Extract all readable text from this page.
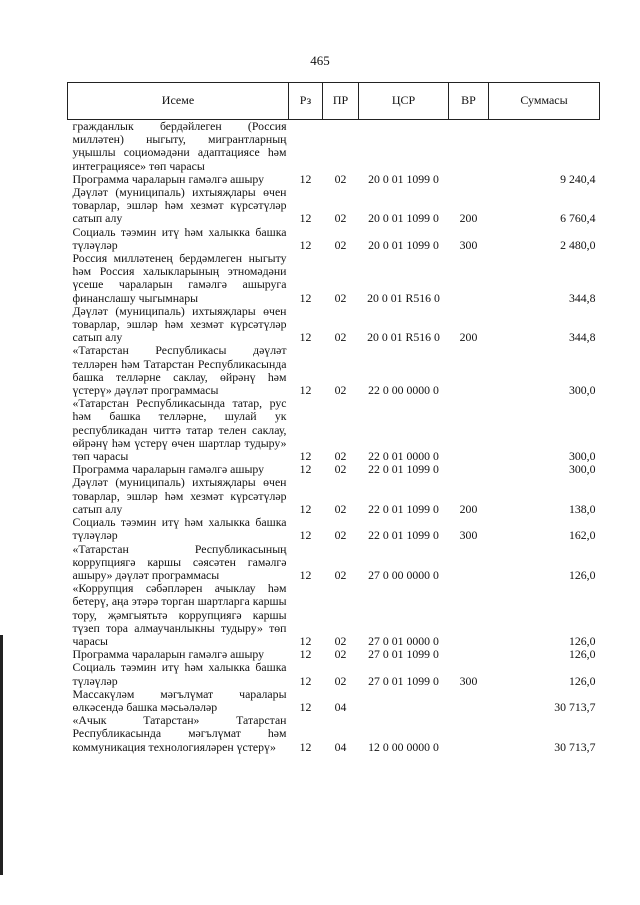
465
Исеме	Рз	ПР	ЦСР	ВР	Суммасы
гражданлык бердәйлеген (Россия милләтен) ныгыту, мигрантларның уңышлы социомәдәни адаптациясе һәм интеграциясе» төп чарасы					
Программа чараларын гамәлгә ашыру	12	02	20 0 01 1099 0		9 240,4
Дәүләт (муниципаль) ихтыяҗлары өчен товарлар, эшләр һәм хезмәт күрсәтүләр сатып алу	12	02	20 0 01 1099 0	200	6 760,4
Социаль тәэмин итү һәм халыкка башка түләүләр	12	02	20 0 01 1099 0	300	2 480,0
Россия милләтенең бердәмлеген ныгыту һәм Россия халыкларының этномәдәни үсеше чараларын гамәлгә ашыруга финанслашу чыгымнары	12	02	20 0 01 R516 0		344,8
Дәүләт (муниципаль) ихтыяҗлары өчен товарлар, эшләр һәм хезмәт күрсәтүләр сатып алу	12	02	20 0 01 R516 0	200	344,8
«Татарстан Республикасы дәүләт телләрен һәм Татарстан Республикасында башка телләрне саклау, өйрәнү һәм үстерү» дәүләт программасы	12	02	22 0 00 0000 0		300,0
«Татарстан Республикасында татар, рус һәм башка телләрне, шулай ук республикадан читтә татар телен саклау, өйрәнү һәм үстерү өчен шартлар тудыру» төп чарасы	12	02	22 0 01 0000 0		300,0
Программа чараларын гамәлгә ашыру	12	02	22 0 01 1099 0		300,0
Дәүләт (муниципаль) ихтыяҗлары өчен товарлар, эшләр һәм хезмәт күрсәтүләр сатып алу	12	02	22 0 01 1099 0	200	138,0
Социаль тәэмин итү һәм халыкка башка түләүләр	12	02	22 0 01 1099 0	300	162,0
«Татарстан Республикасының коррупциягә каршы сәясәтен гамәлгә ашыру» дәүләт программасы	12	02	27 0 00 0000 0		126,0
«Коррупция сәбәпләрен ачыклау һәм бетерү, аңа этәрә торган шартларга каршы тору, җәмгыятьтә коррупциягә каршы түзеп тора алмаучанлыкны тудыру» төп чарасы	12	02	27 0 01 0000 0		126,0
Программа чараларын гамәлгә ашыру	12	02	27 0 01 1099 0		126,0
Социаль тәэмин итү һәм халыкка башка түләүләр	12	02	27 0 01 1099 0	300	126,0
Массакүләм мәгълүмат чаралары өлкәсендә башка мәсьәләләр	12	04			30 713,7
«Ачык Татарстан» Татарстан Республикасында мәгълүмат һәм коммуникация технологияләрен үстерү»	12	04	12 0 00 0000 0		30 713,7
